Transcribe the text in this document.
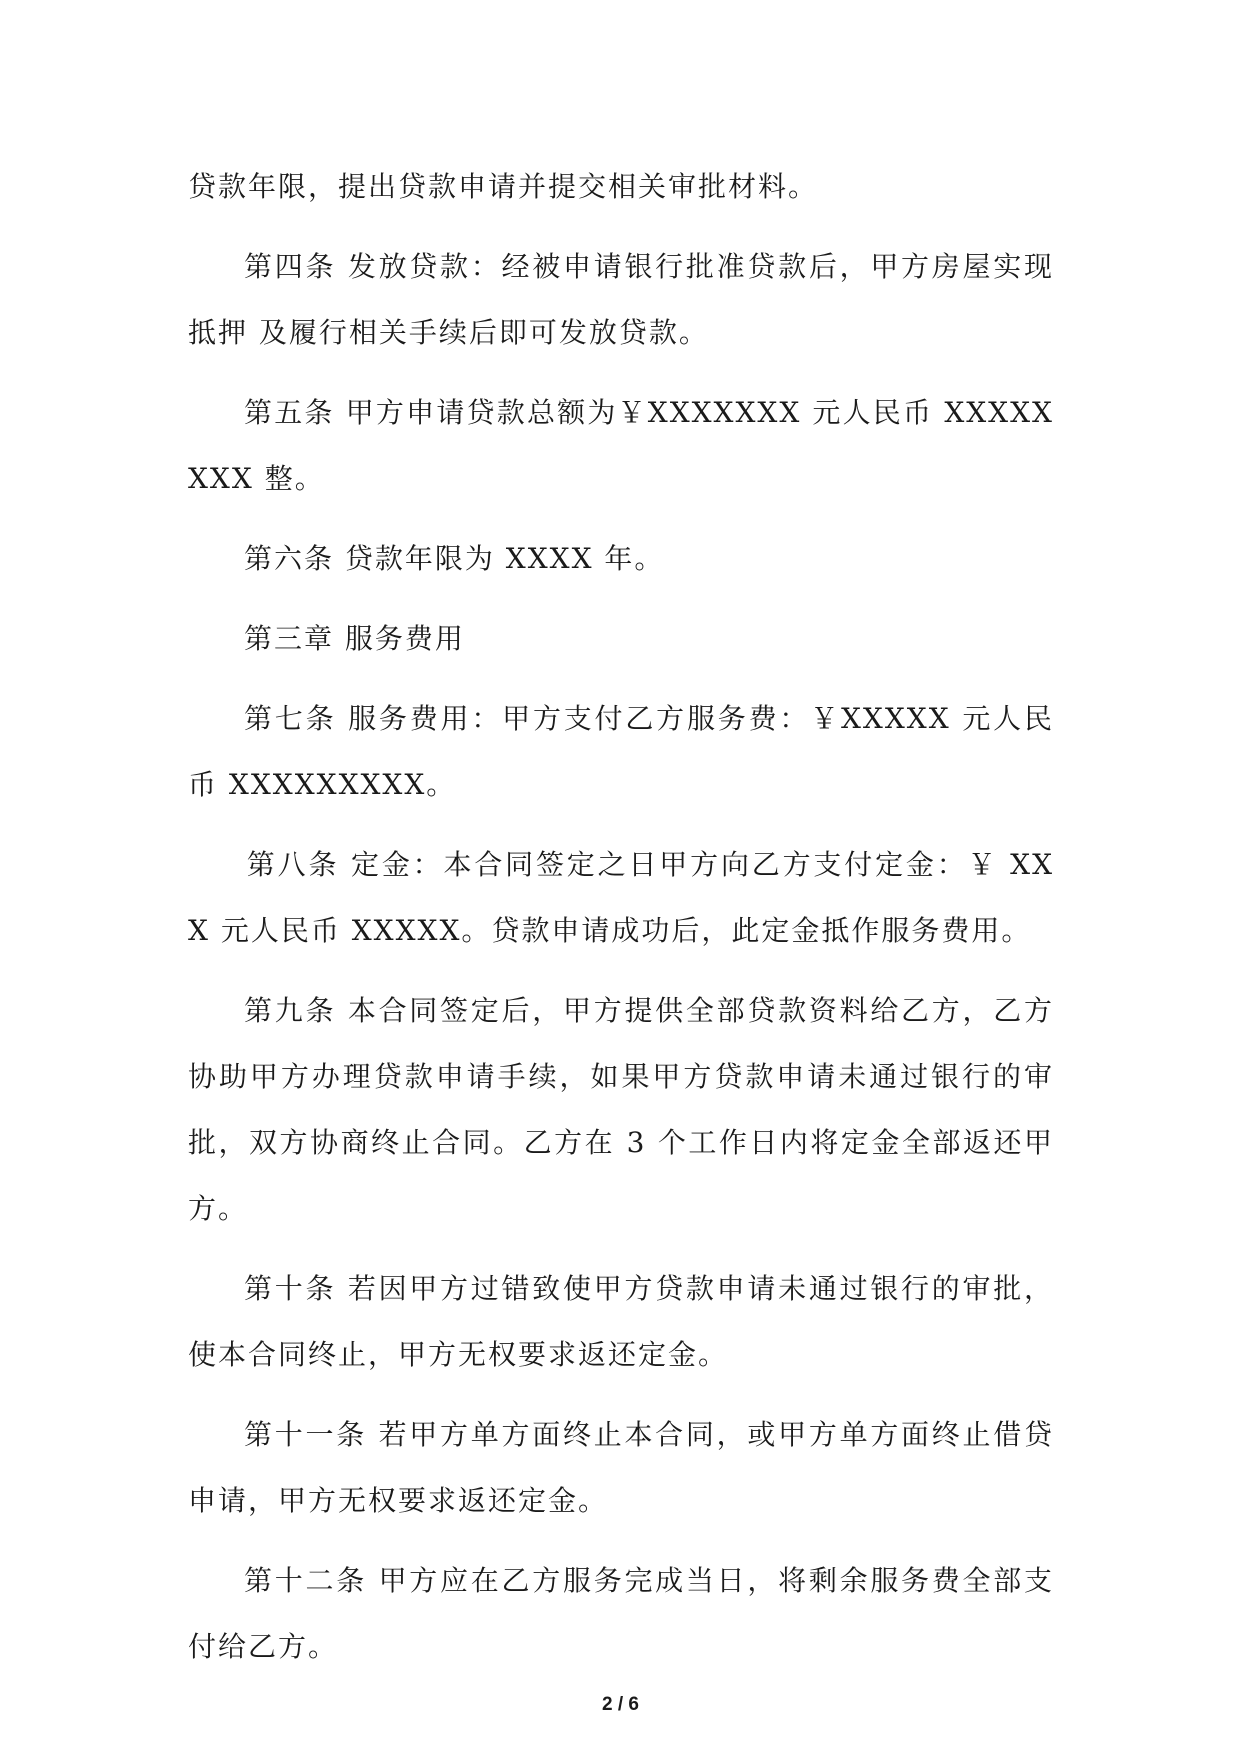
贷款年限，提出贷款申请并提交相关审批材料。

第四条 发放贷款：经被申请银行批准贷款后，甲方房屋实现抵押 及履行相关手续后即可发放贷款。

第五条 甲方申请贷款总额为￥XXXXXXX 元人民币 XXXXXXXX 整。

第六条 贷款年限为 XXXX 年。

第三章 服务费用

第七条 服务费用：甲方支付乙方服务费：￥XXXXX 元人民币 XXXXXXXXX。

第八条 定金：本合同签定之日甲方向乙方支付定金：￥ XXX 元人民币 XXXXX。贷款申请成功后，此定金抵作服务费用。

第九条 本合同签定后，甲方提供全部贷款资料给乙方，乙方协助甲方办理贷款申请手续，如果甲方贷款申请未通过银行的审批，双方协商终止合同。乙方在 3 个工作日内将定金全部返还甲方。

第十条 若因甲方过错致使甲方贷款申请未通过银行的审批，使本合同终止，甲方无权要求返还定金。

第十一条 若甲方单方面终止本合同，或甲方单方面终止借贷申请，甲方无权要求返还定金。

第十二条 甲方应在乙方服务完成当日，将剩余服务费全部支付给乙方。

2 / 6
